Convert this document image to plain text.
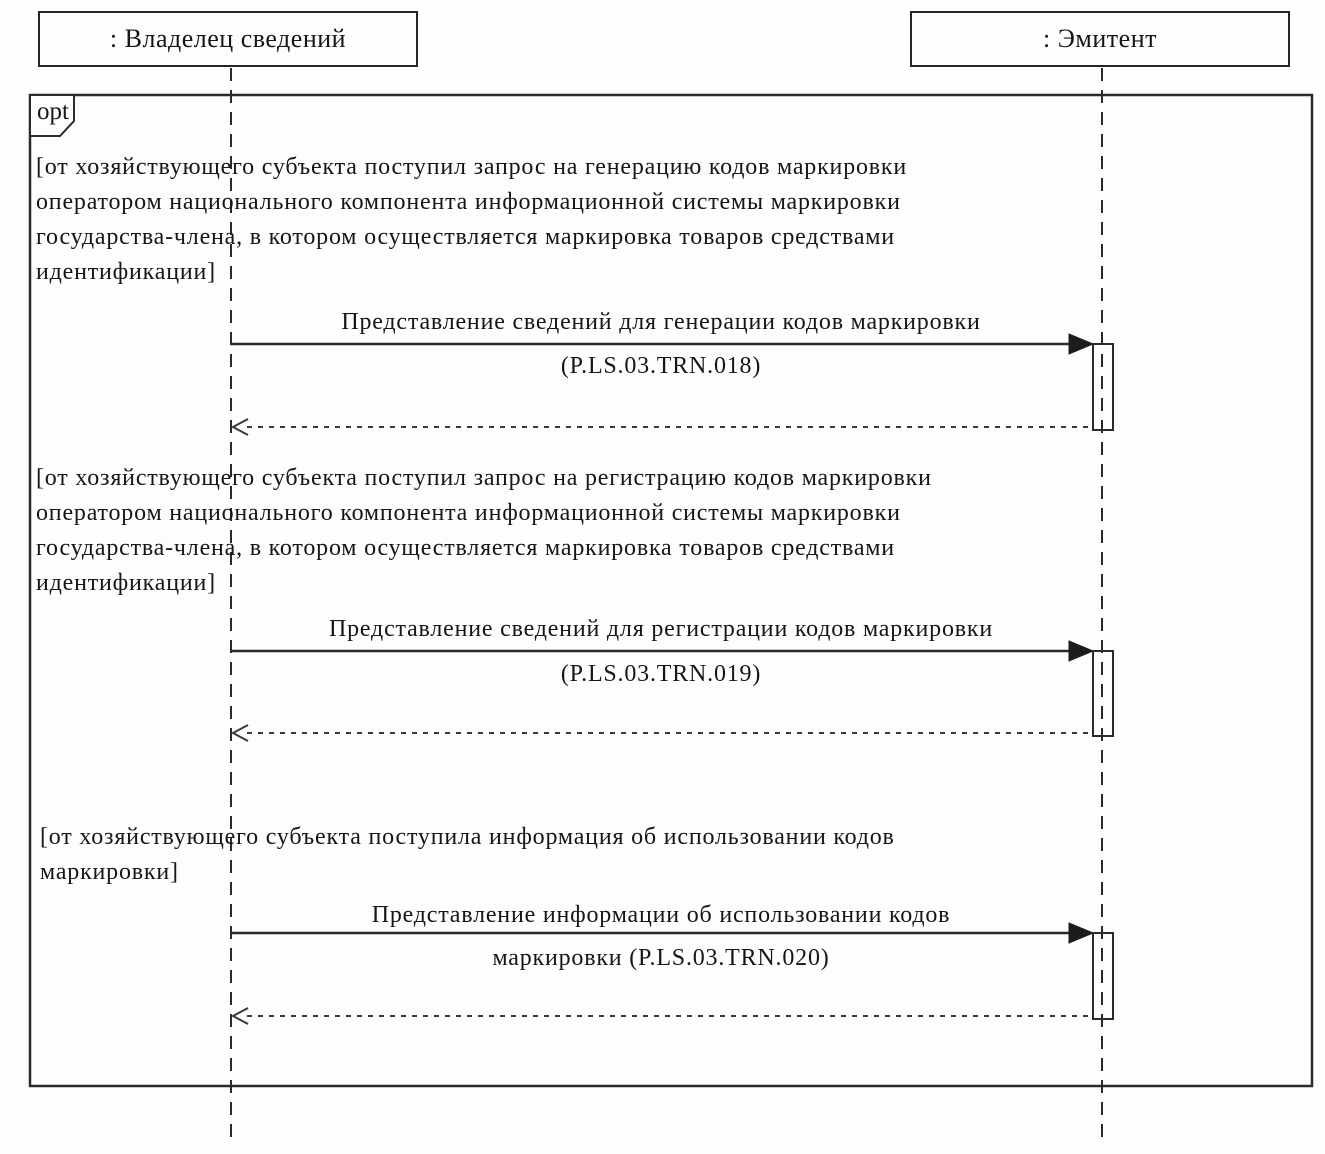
: Владелец сведений	: Эмитент
opt
[от хозяйствующего субъекта поступил запрос на генерацию кодов маркировки
оператором национального компонента информационной системы маркировки
государства-члена, в котором осуществляется маркировка товаров средствами
идентификации]
Представление сведений для генерации кодов маркировки
(P.LS.03.TRN.018)
[от хозяйствующего субъекта поступил запрос на регистрацию кодов маркировки
оператором национального компонента информационной системы маркировки
государства-члена, в котором осуществляется маркировка товаров средствами
идентификации]
Представление сведений для регистрации кодов маркировки
(P.LS.03.TRN.019)
[от хозяйствующего субъекта поступила информация об использовании кодов
маркировки]
Представление информации об использовании кодов
маркировки (P.LS.03.TRN.020)
